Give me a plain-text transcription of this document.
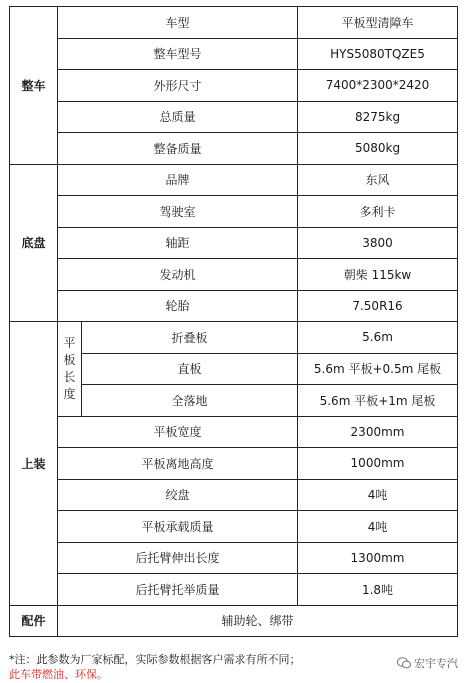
整车	车型		平板型清障车
	整车型号		HYS5080TQZE5
	外形尺寸		7400*2300*2420
	总质量		8275kg
	整备质量		5080kg
底盘	品牌		东风
	驾驶室		多利卡
	轴距		3800
	发动机		朝柴 115kw
	轮胎		7.50R16
上装	平板长度	折叠板	5.6m
		直板	5.6m 平板+0.5m 尾板
		全落地	5.6m 平板+1m 尾板
	平板宽度		2300mm
	平板离地高度		1000mm
	绞盘		4吨
	平板承载质量		4吨
	后托臂伸出长度		1300mm
	后托臂托举质量		1.8吨
配件	辅助轮、绑带		
*注：此参数为厂家标配，实际参数根据客户需求有所不同；
此车带燃油、环保。
宏宇专汽
